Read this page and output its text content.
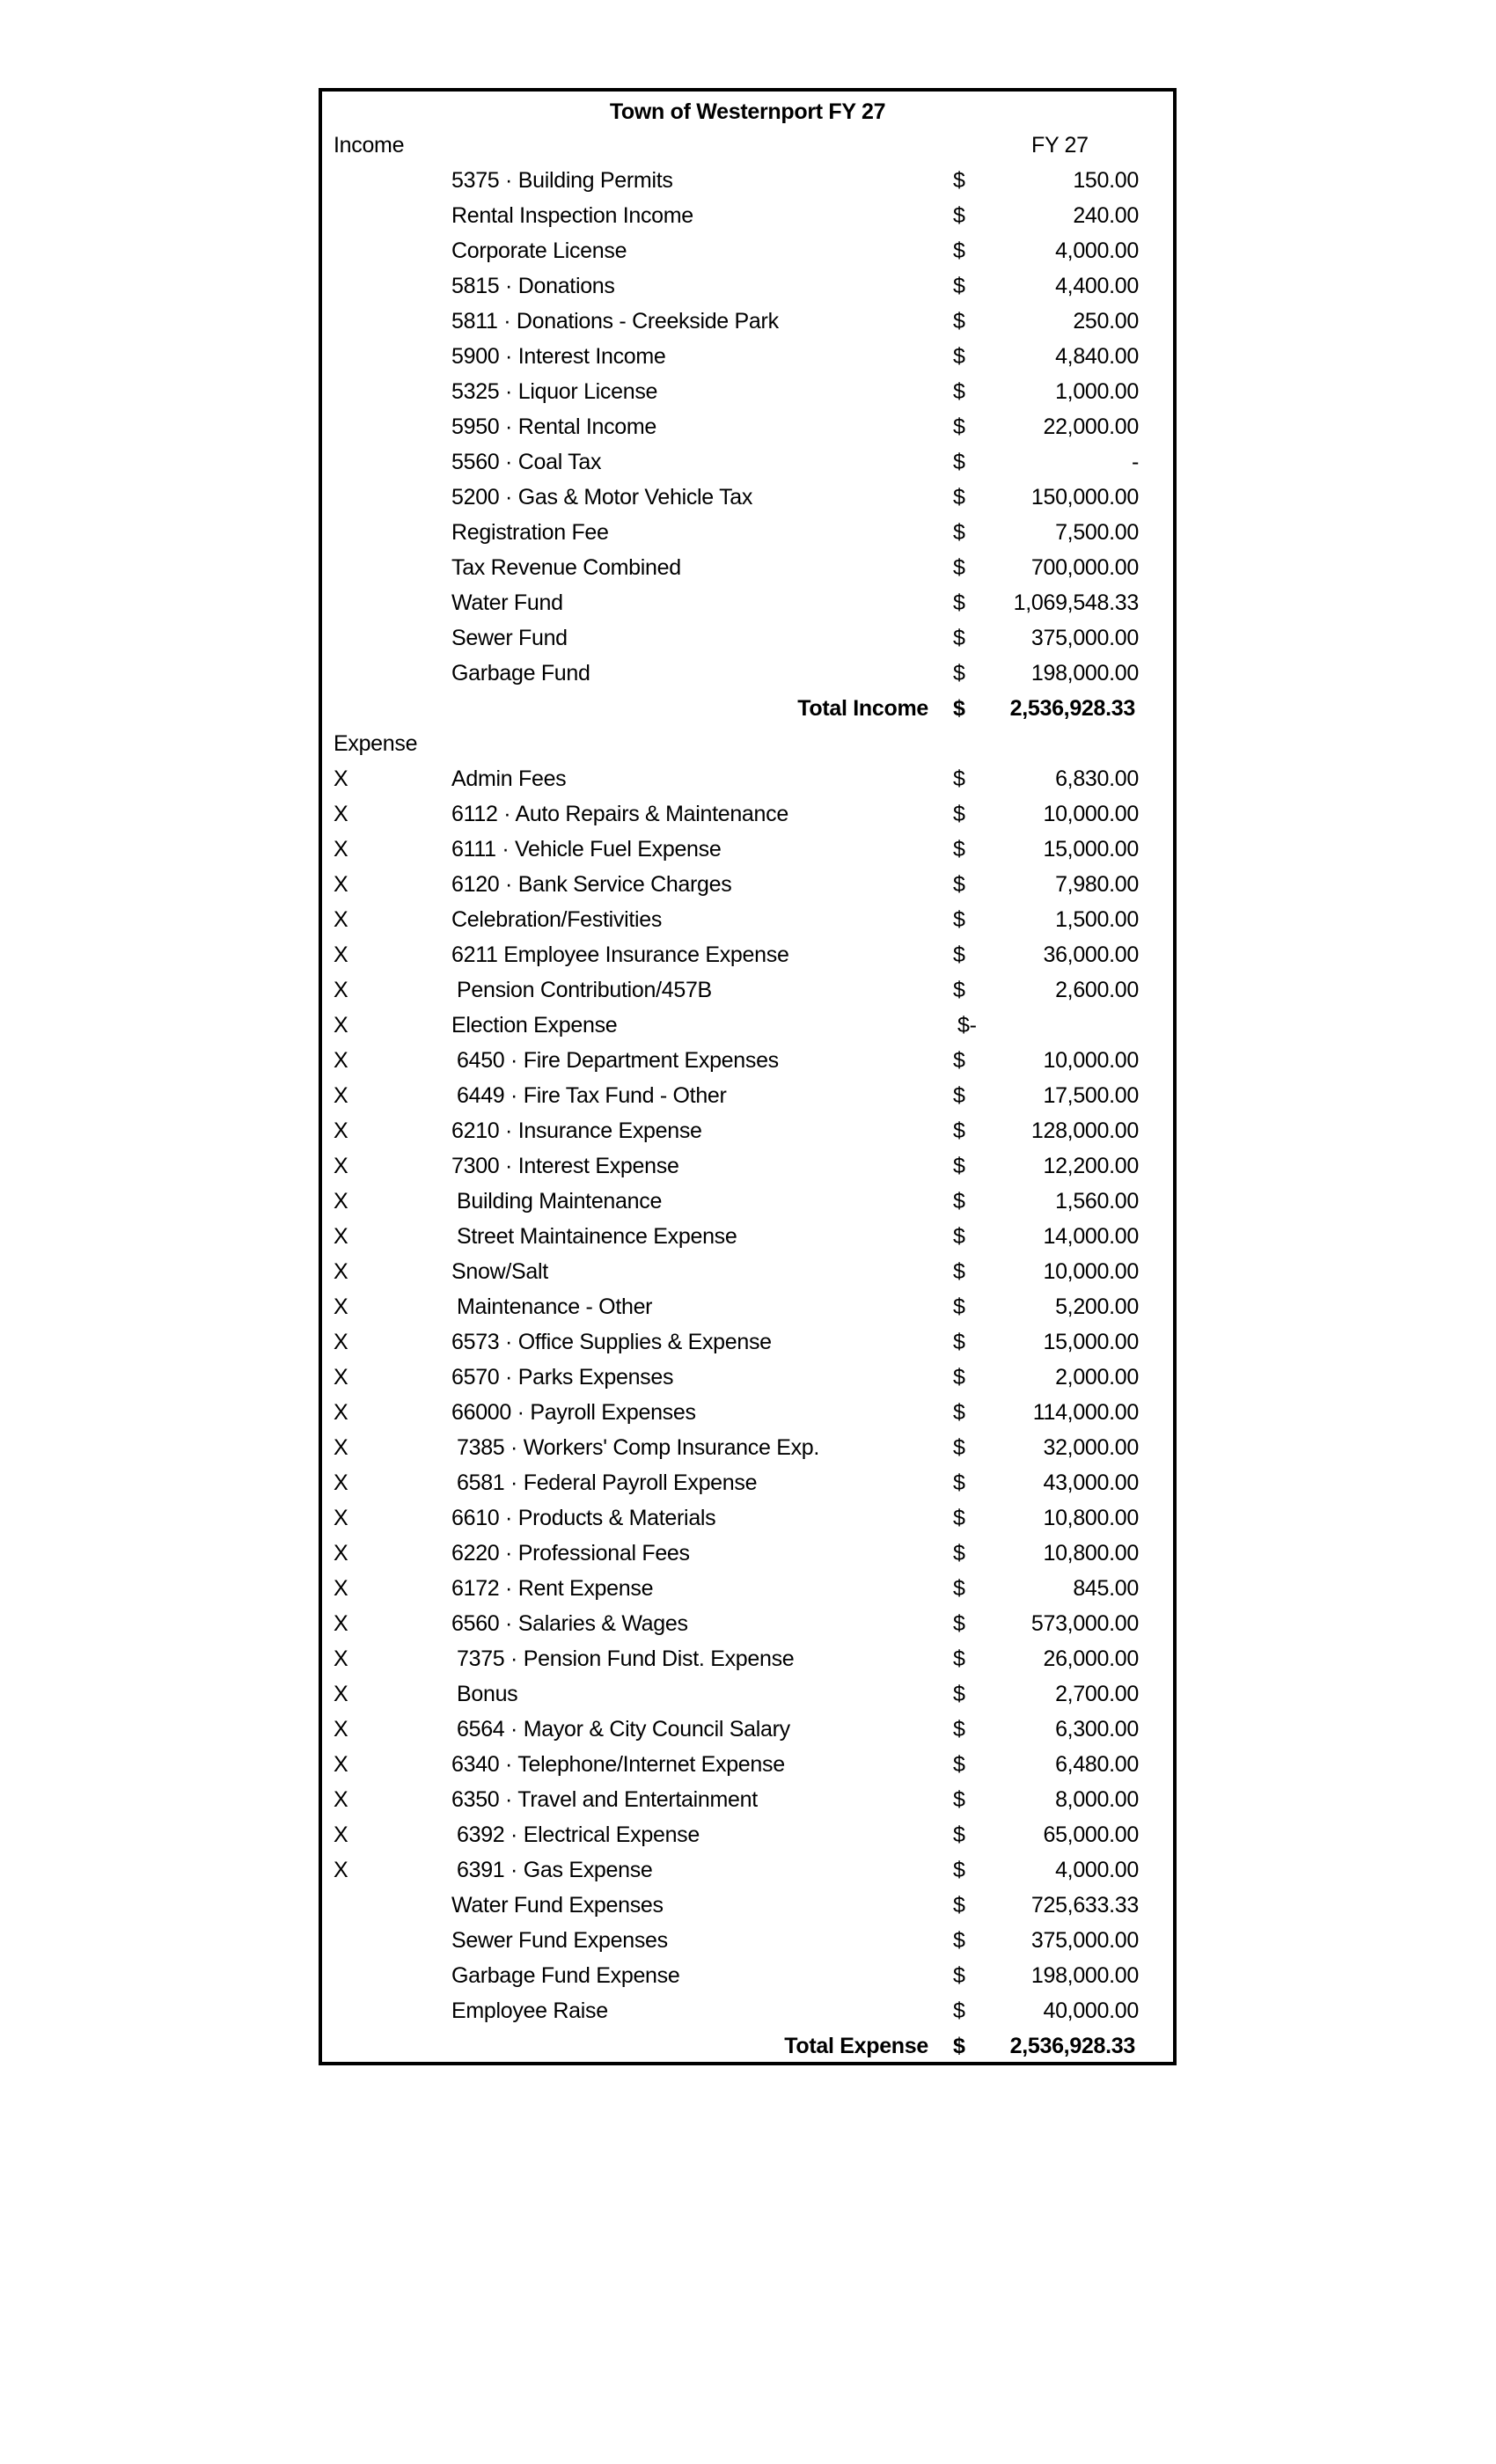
Town of Westernport FY 27
Income	FY 27
5375 · Building Permits	$	150.00
Rental Inspection Income	$	240.00
Corporate License	$	4,000.00
5815 · Donations	$	4,400.00
5811 · Donations - Creekside Park	$	250.00
5900 · Interest Income	$	4,840.00
5325 · Liquor License	$	1,000.00
5950 · Rental Income	$	22,000.00
5560 · Coal Tax	$	-
5200 · Gas & Motor Vehicle Tax	$	150,000.00
Registration Fee	$	7,500.00
Tax Revenue Combined	$	700,000.00
Water Fund	$ 1,069,548.33
Sewer Fund	$	375,000.00
Garbage Fund	$	198,000.00
Total Income $ 2,536,928.33
Expense
X	Admin Fees	$	6,830.00
X	6112 · Auto Repairs & Maintenance	$	10,000.00
X	6111 · Vehicle Fuel Expense	$	15,000.00
X	6120 · Bank Service Charges	$	7,980.00
X	Celebration/Festivities	$	1,500.00
X	6211 Employee Insurance Expense	$	36,000.00
X	Pension Contribution/457B	$	2,600.00
X	Election Expense	$-
X	6450 · Fire Department Expenses	$	10,000.00
X	6449 · Fire Tax Fund - Other	$	17,500.00
X	6210 · Insurance Expense	$	128,000.00
X	7300 · Interest Expense	$	12,200.00
X	Building Maintenance	$	1,560.00
X	Street Maintainence Expense	$	14,000.00
X	Snow/Salt	$	10,000.00
X	Maintenance - Other	$	5,200.00
X	6573 · Office Supplies & Expense	$	15,000.00
X	6570 · Parks Expenses	$	2,000.00
X	66000 · Payroll Expenses	$	114,000.00
X	7385 · Workers' Comp Insurance Exp.	$	32,000.00
X	6581 · Federal Payroll Expense	$	43,000.00
X	6610 · Products & Materials	$	10,800.00
X	6220 · Professional Fees	$	10,800.00
X	6172 · Rent Expense	$	845.00
X	6560 · Salaries & Wages	$	573,000.00
X	7375 · Pension Fund Dist. Expense	$	26,000.00
X	Bonus	$	2,700.00
X	6564 · Mayor & City Council Salary	$	6,300.00
X	6340 · Telephone/Internet Expense	$	6,480.00
X	6350 · Travel and Entertainment	$	8,000.00
X	6392 · Electrical Expense	$	65,000.00
X	6391 · Gas Expense	$	4,000.00
Water Fund Expenses	$	725,633.33
Sewer Fund Expenses	$	375,000.00
Garbage Fund Expense	$	198,000.00
Employee Raise	$	40,000.00
Total Expense $ 2,536,928.33
